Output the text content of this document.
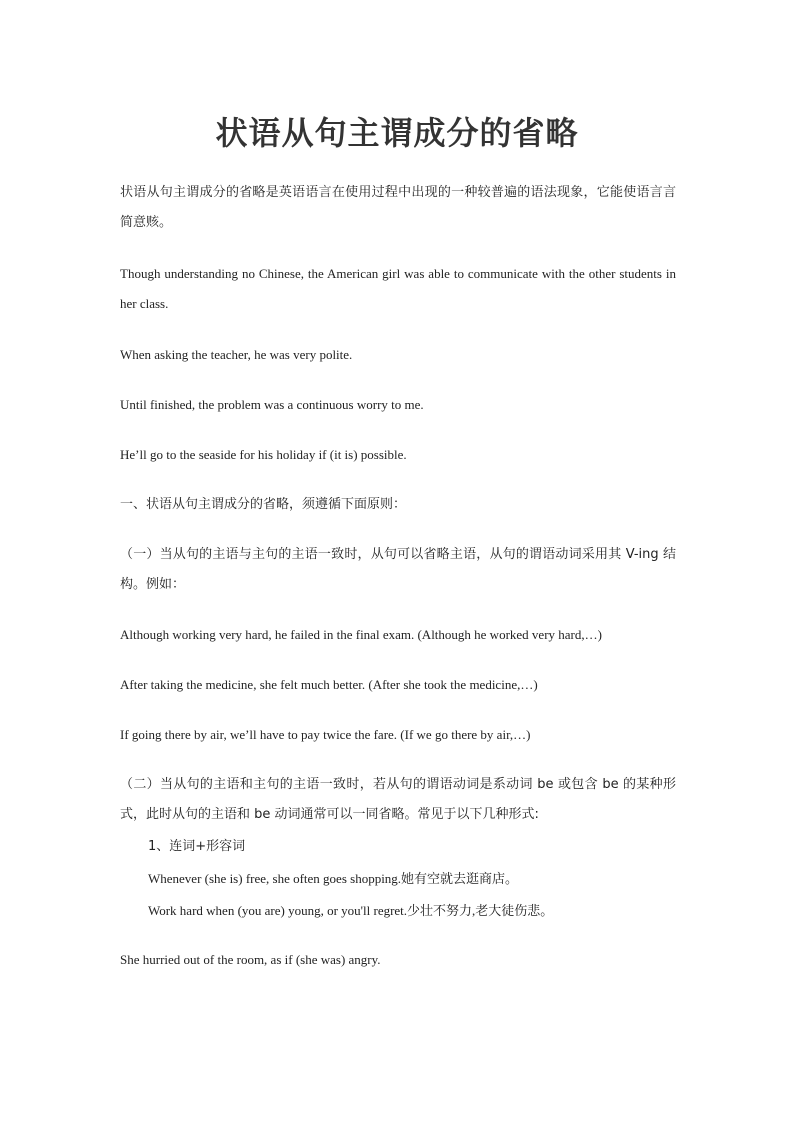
状语从句主谓成分的省略

状语从句主谓成分的省略是英语语言在使用过程中出现的一种较普遍的语法现象，它能使语言言简意赅。

Though understanding no Chinese, the American girl was able to communicate with the other students in her class.

When asking the teacher, he was very polite.

Until finished, the problem was a continuous worry to me.

He’ll go to the seaside for his holiday if (it is) possible.

一、状语从句主谓成分的省略，须遵循下面原则：

（一）当从句的主语与主句的主语一致时，从句可以省略主语，从句的谓语动词采用其 V-ing 结构。例如：

Although working very hard, he failed in the final exam. (Although he worked very hard,…)

After taking the medicine, she felt much better. (After she took the medicine,…)

If going there by air, we’ll have to pay twice the fare. (If we go there by air,…)

（二）当从句的主语和主句的主语一致时，若从句的谓语动词是系动词 be 或包含 be 的某种形式，此时从句的主语和 be 动词通常可以一同省略。常见于以下几种形式:

1、连词+形容词

Whenever (she is) free, she often goes shopping.她有空就去逛商店。

Work hard when (you are) young, or you'll regret.少壮不努力,老大徒伤悲。

She hurried out of the room, as if (she was) angry.
